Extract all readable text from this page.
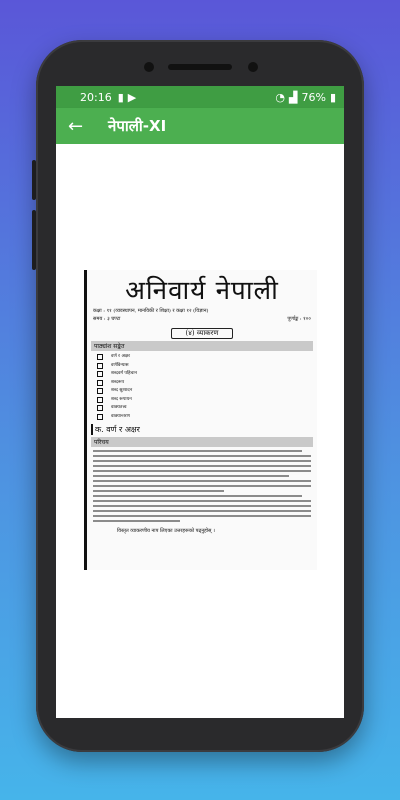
20:16 ▮ ▶	◔ ▟ 76% ▮
←	नेपाली-XI
अनिवार्य नेपाली
कक्षा : ११ (व्यवस्थापन, मानविकी र शिक्षा) र कक्षा १२ (विज्ञान)
समय : ३ घण्टा	पूर्णाङ्क : १००
(४) व्याकरण
पाठ्यांश सङ्केत
वर्ण र अक्षर
वर्णविन्यास
शब्दवर्ग पहिचान
शब्दरूप
शब्द स्रुत्पादन
शब्द रूपायन
वाक्यतत्त्व
वाक्यान्तरण
क. वर्ण र अक्षर
परिचय
विस्तृत व्याकरणीय नाप लिएका उत्तरहरूको पढ्नुहोस् ।
